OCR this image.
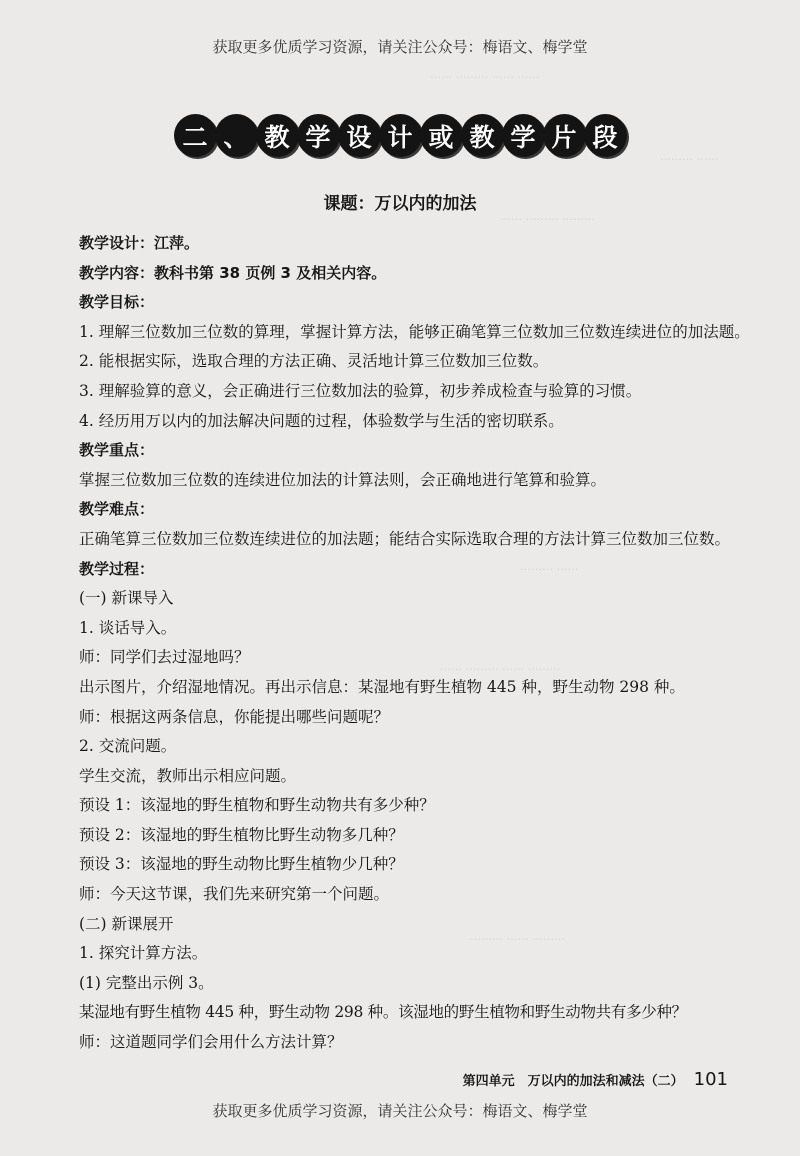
…… ……… …… ……
……… ……
…… ……… ………
……… ……
…… ……… …… ………
……… …… ………
获取更多优质学习资源，请关注公众号：梅语文、梅学堂
二 、 教 学 设 计 或 教 学 片 段
课题：万以内的加法
教学设计：江萍。
教学内容：教科书第 38 页例 3 及相关内容。
教学目标：
1. 理解三位数加三位数的算理，掌握计算方法，能够正确笔算三位数加三位数连续进位的加法题。
2. 能根据实际，选取合理的方法正确、灵活地计算三位数加三位数。
3. 理解验算的意义，会正确进行三位数加法的验算，初步养成检查与验算的习惯。
4. 经历用万以内的加法解决问题的过程，体验数学与生活的密切联系。
教学重点：
掌握三位数加三位数的连续进位加法的计算法则，会正确地进行笔算和验算。
教学难点：
正确笔算三位数加三位数连续进位的加法题；能结合实际选取合理的方法计算三位数加三位数。
教学过程：
(一) 新课导入
1. 谈话导入。
师：同学们去过湿地吗？
出示图片，介绍湿地情况。再出示信息：某湿地有野生植物 445 种，野生动物 298 种。
师：根据这两条信息，你能提出哪些问题呢？
2. 交流问题。
学生交流，教师出示相应问题。
预设 1：该湿地的野生植物和野生动物共有多少种？
预设 2：该湿地的野生植物比野生动物多几种？
预设 3：该湿地的野生动物比野生植物少几种？
师：今天这节课，我们先来研究第一个问题。
(二) 新课展开
1. 探究计算方法。
(1) 完整出示例 3。
某湿地有野生植物 445 种，野生动物 298 种。该湿地的野生植物和野生动物共有多少种？
师：这道题同学们会用什么方法计算？
第四单元　万以内的加法和减法（二） 101
获取更多优质学习资源，请关注公众号：梅语文、梅学堂
